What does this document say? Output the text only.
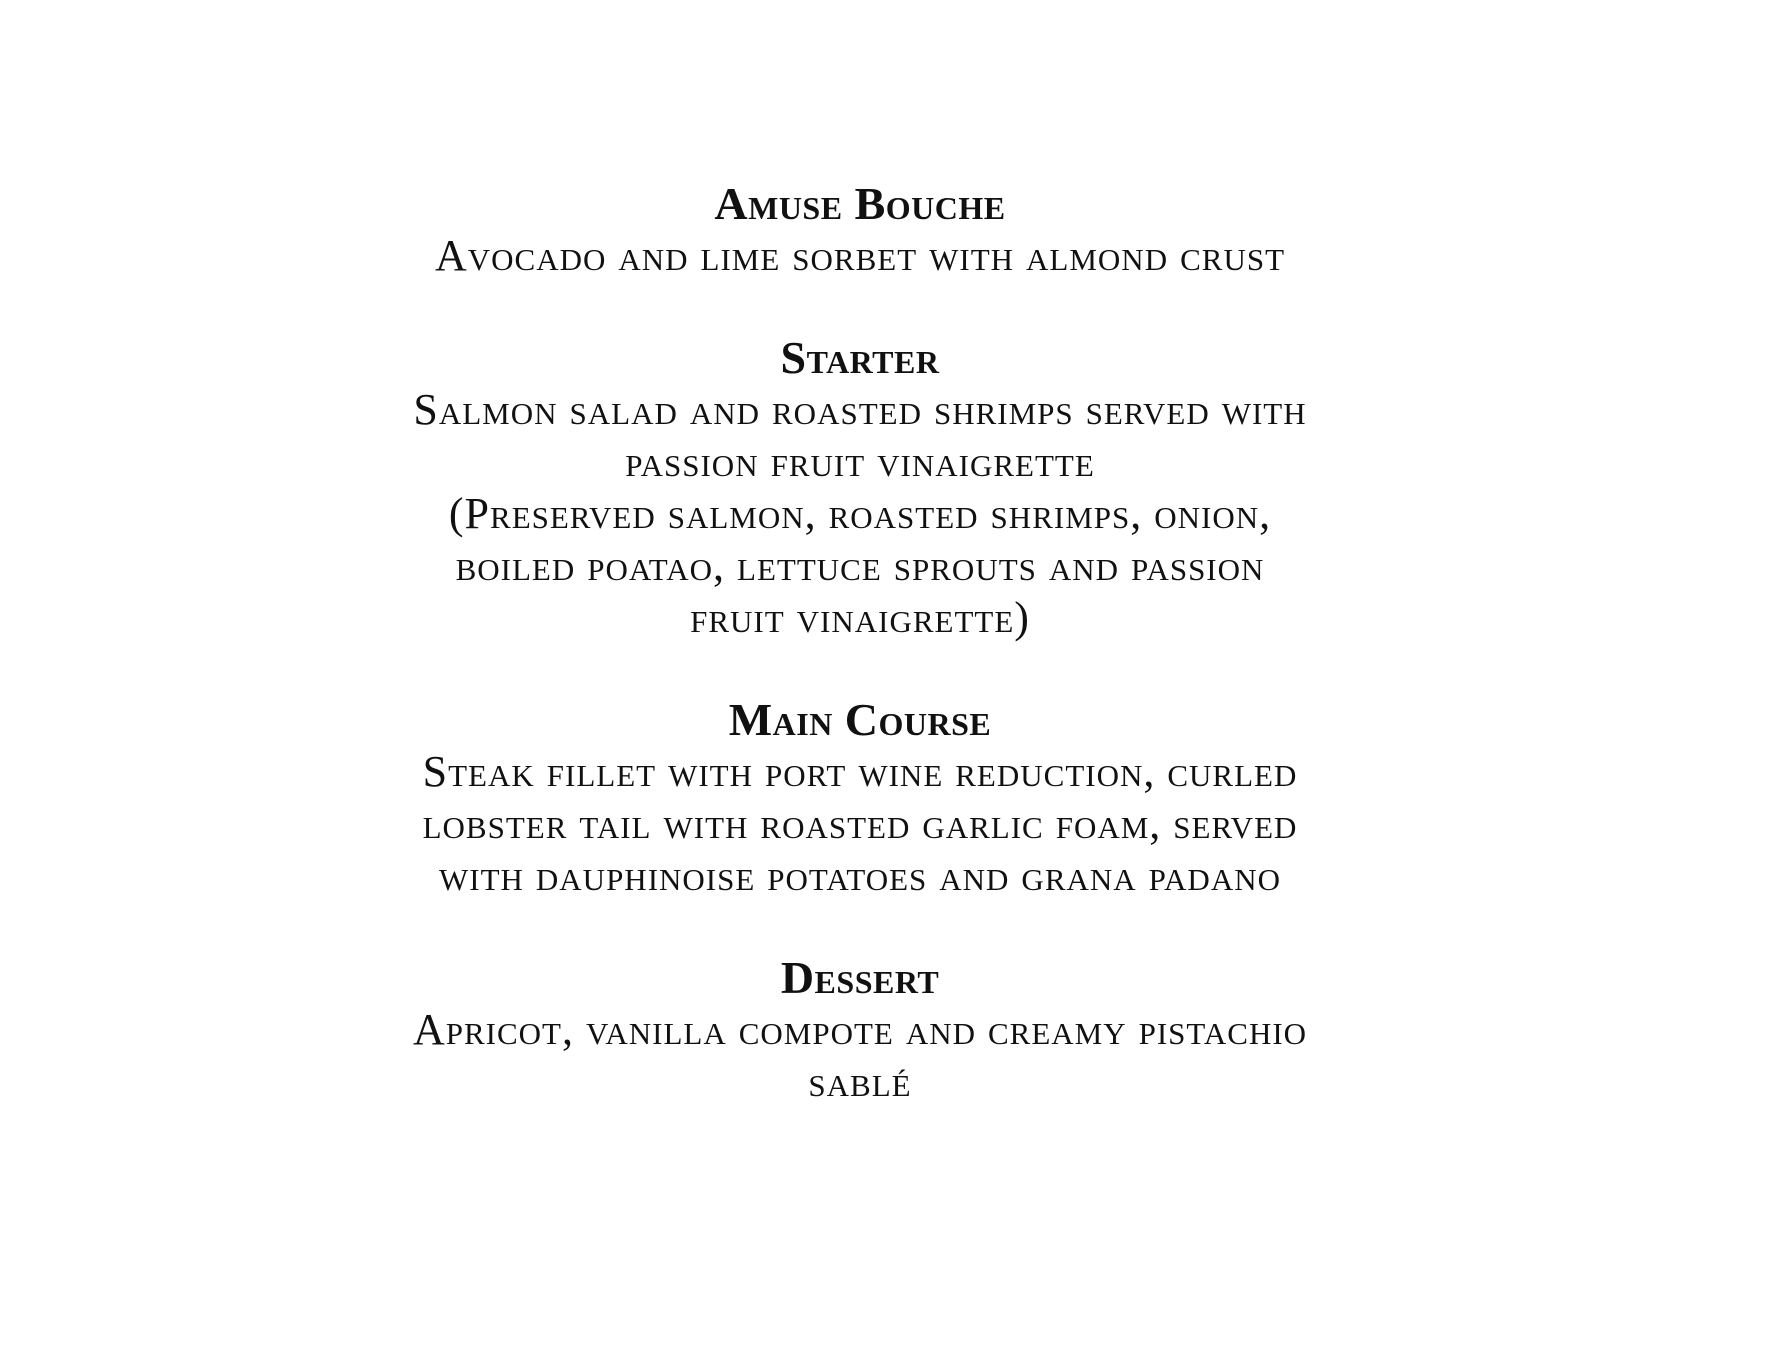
Amuse Bouche

Avocado and lime sorbet with almond crust

Starter

Salmon salad and roasted shrimps served with

passion fruit vinaigrette

(Preserved salmon, roasted shrimps, onion,

boiled poatao, lettuce sprouts and passion

fruit vinaigrette)

Main Course

Steak fillet with port wine reduction, curled

lobster tail with roasted garlic foam, served

with dauphinoise potatoes and grana padano

Dessert

Apricot, vanilla compote and creamy pistachio

sablé
